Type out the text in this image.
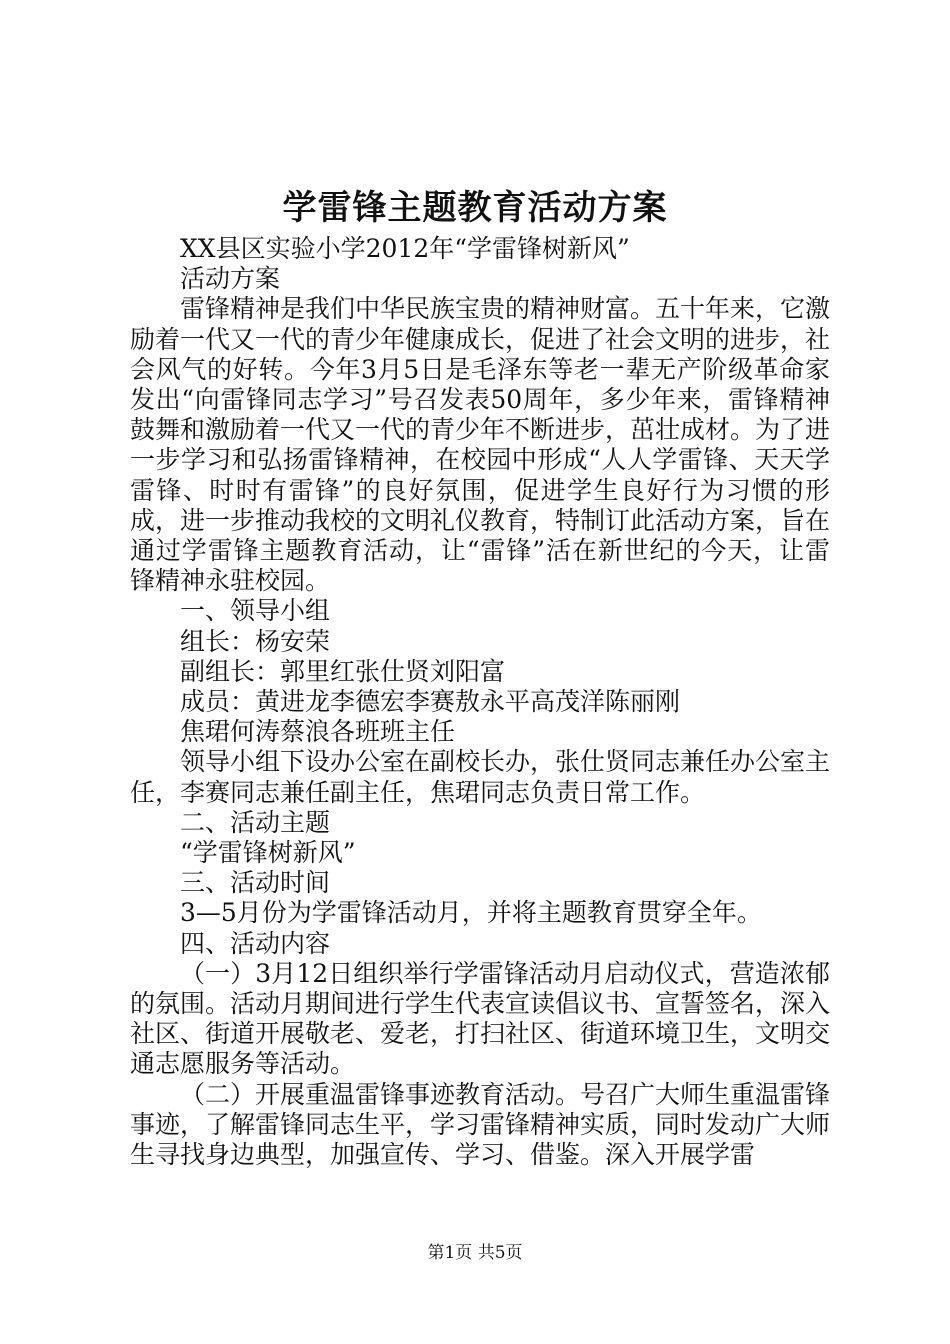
学雷锋主题教育活动方案

XX县区实验小学2012年“学雷锋树新风”

活动方案

雷锋精神是我们中华民族宝贵的精神财富。五十年来，它激励着一代又一代的青少年健康成长，促进了社会文明的进步，社会风气的好转。今年3月5日是毛泽东等老一辈无产阶级革命家发出“向雷锋同志学习”号召发表50周年，多少年来，雷锋精神鼓舞和激励着一代又一代的青少年不断进步，茁壮成材。为了进一步学习和弘扬雷锋精神，在校园中形成“人人学雷锋、天天学雷锋、时时有雷锋”的良好氛围，促进学生良好行为习惯的形成，进一步推动我校的文明礼仪教育，特制订此活动方案，旨在通过学雷锋主题教育活动，让“雷锋”活在新世纪的今天，让雷锋精神永驻校园。

一、领导小组

组长：杨安荣

副组长：郭里红张仕贤刘阳富

成员：黄进龙李德宏李赛敖永平高茂洋陈丽刚

焦珺何涛蔡浪各班班主任

领导小组下设办公室在副校长办，张仕贤同志兼任办公室主任，李赛同志兼任副主任，焦珺同志负责日常工作。

二、活动主题

“学雷锋树新风”

三、活动时间

3—5月份为学雷锋活动月，并将主题教育贯穿全年。

四、活动内容

（一）3月12日组织举行学雷锋活动月启动仪式，营造浓郁的氛围。活动月期间进行学生代表宣读倡议书、宣誓签名，深入社区、街道开展敬老、爱老，打扫社区、街道环境卫生，文明交通志愿服务等活动。

（二）开展重温雷锋事迹教育活动。号召广大师生重温雷锋事迹，了解雷锋同志生平，学习雷锋精神实质，同时发动广大师生寻找身边典型，加强宣传、学习、借鉴。深入开展学雷

第1页 共5页
